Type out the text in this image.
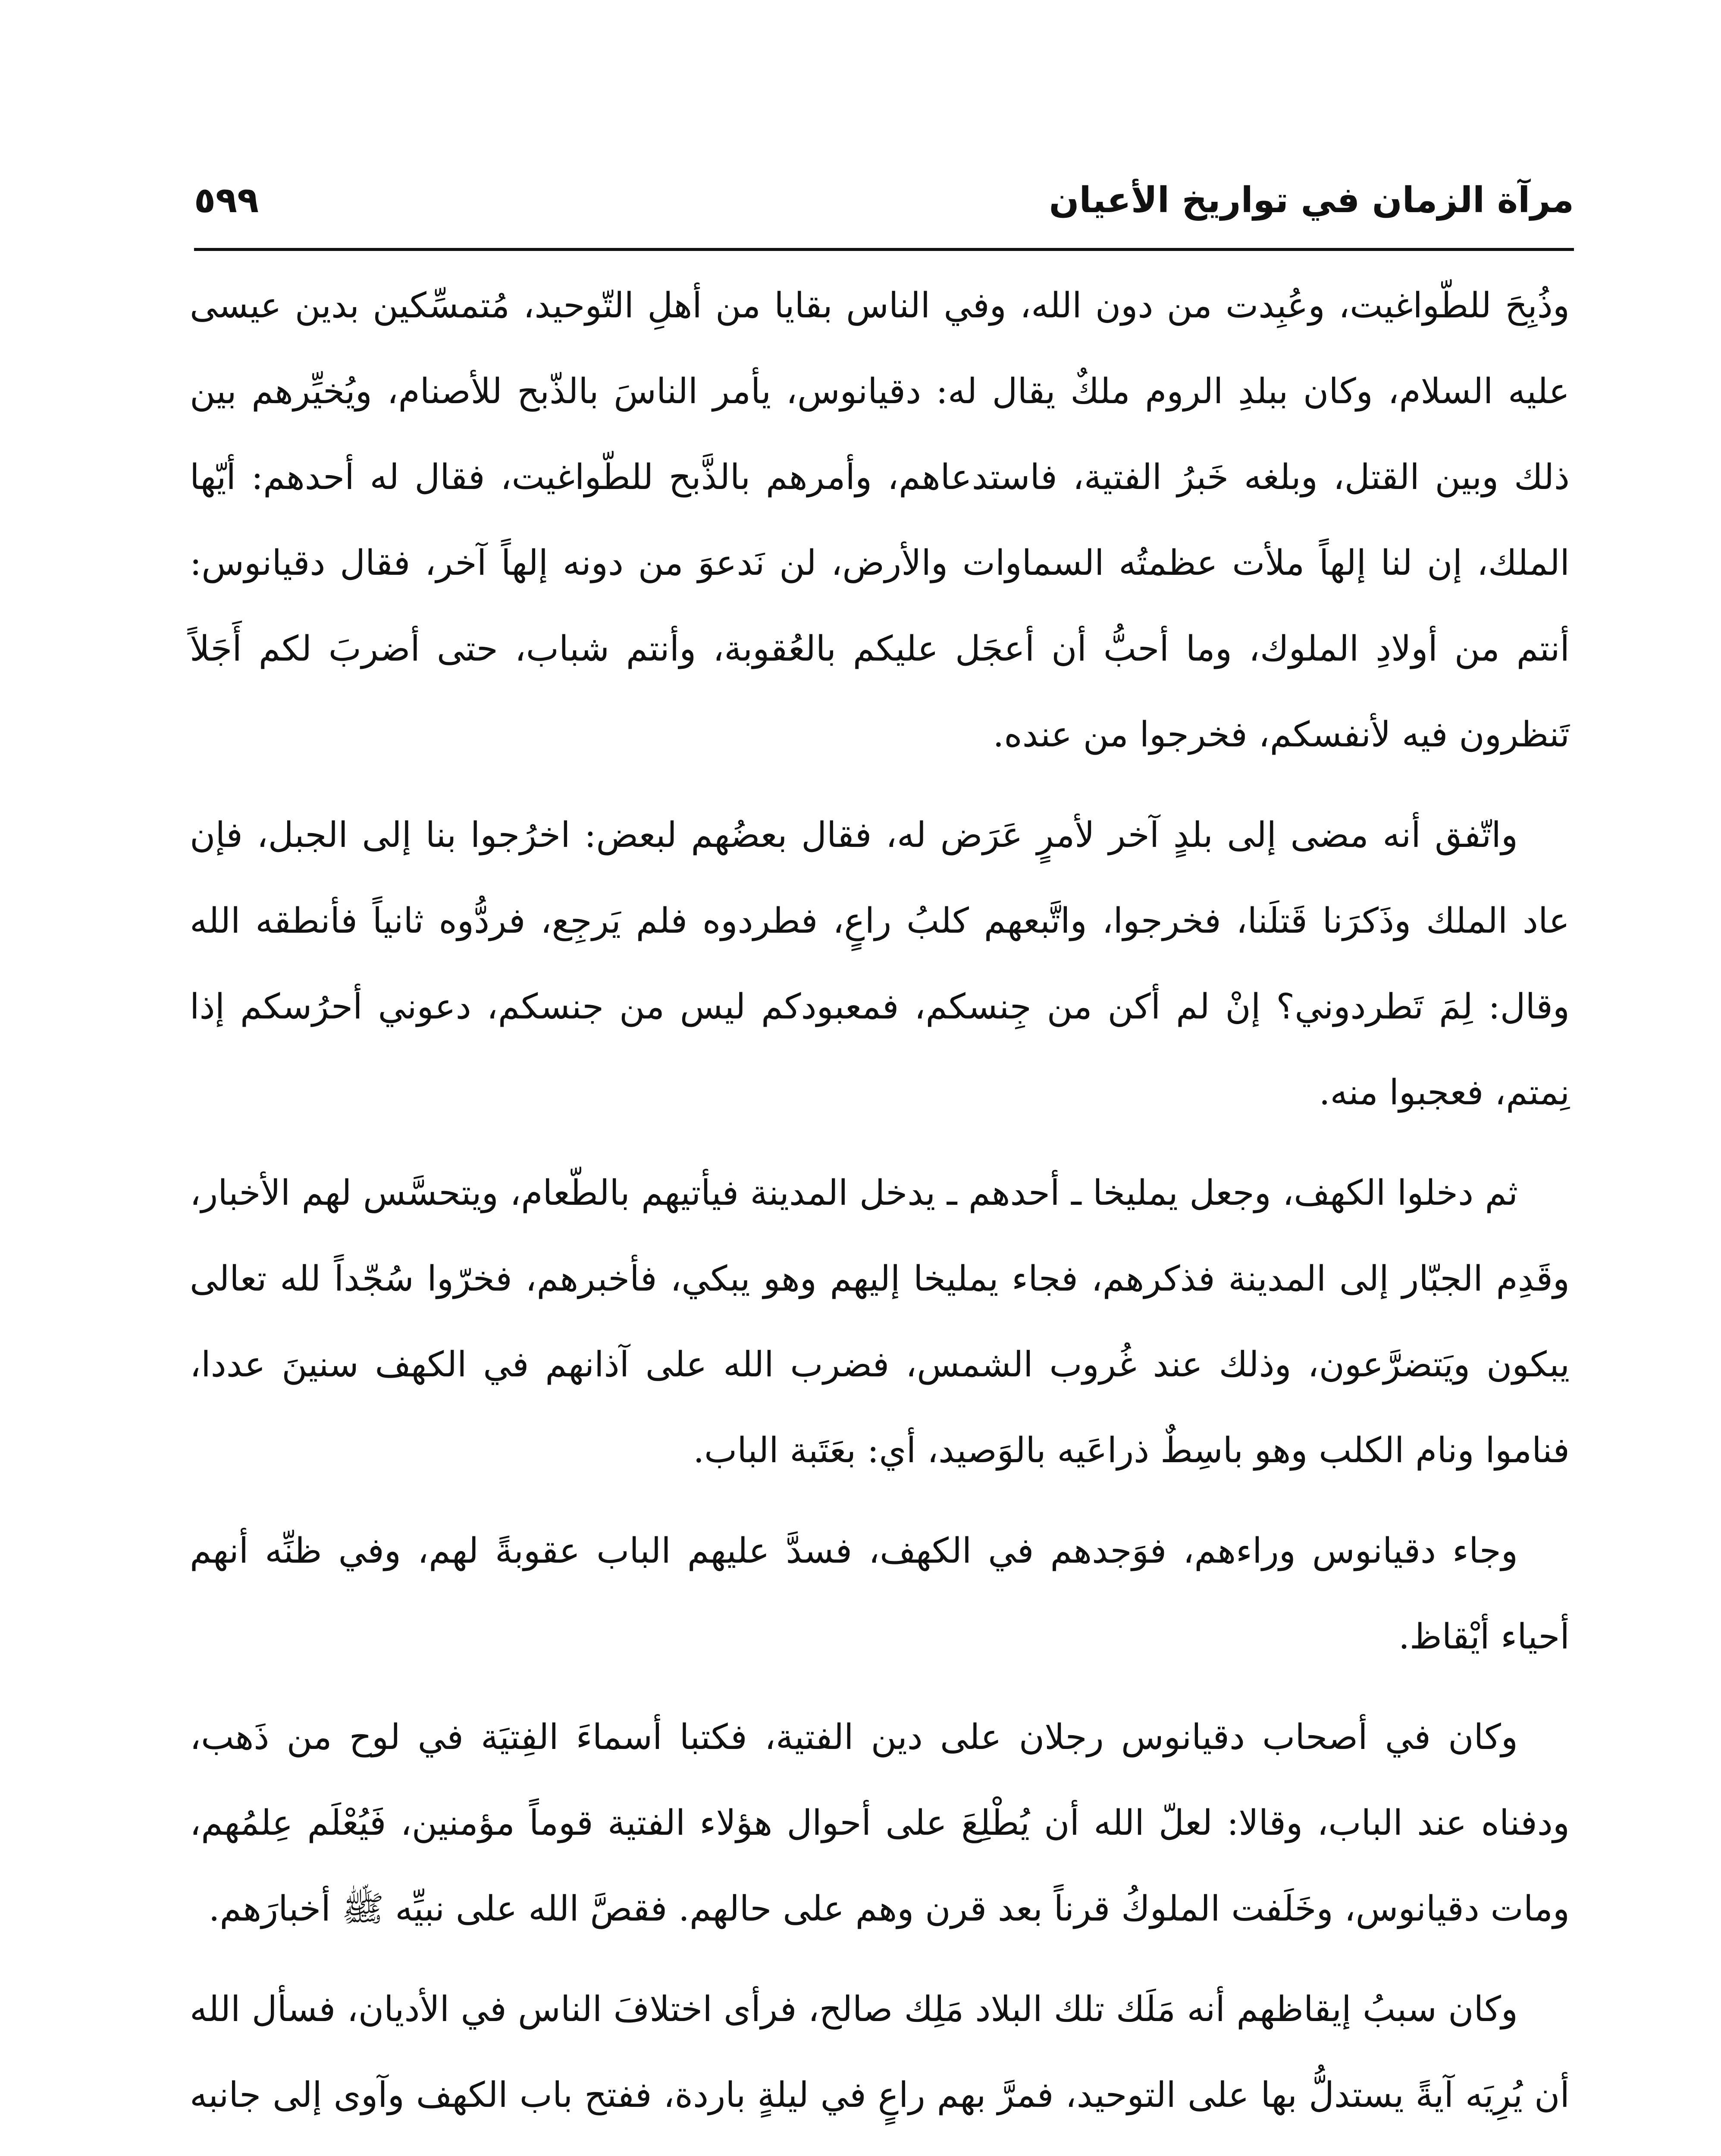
٥٩٩	مرآة الزمان في تواريخ الأعيان

وذُبِحَ للطّواغيت، وعُبِدت من دون الله، وفي الناس بقايا من أهلِ التّوحيد، مُتمسِّكين بدين عيسى عليه السلام، وكان ببلدِ الروم ملكٌ يقال له: دقيانوس، يأمر الناسَ بالذّبح للأصنام، ويُخيِّرهم بين ذلك وبين القتل، وبلغه خَبرُ الفتية، فاستدعاهم، وأمرهم بالذَّبح للطّواغيت، فقال له أحدهم: أيّها الملك، إن لنا إلهاً ملأت عظمتُه السماوات والأرض، لن نَدعوَ من دونه إلهاً آخر، فقال دقيانوس: أنتم من أولادِ الملوك، وما أحبُّ أن أعجَل عليكم بالعُقوبة، وأنتم شباب، حتى أضربَ لكم أَجَلاً تَنظرون فيه لأنفسكم، فخرجوا من عنده.

واتّفق أنه مضى إلى بلدٍ آخر لأمرٍ عَرَض له، فقال بعضُهم لبعض: اخرُجوا بنا إلى الجبل، فإن عاد الملك وذَكرَنا قَتلَنا، فخرجوا، واتَّبعهم كلبُ راعٍ، فطردوه فلم يَرجِع، فردُّوه ثانياً فأنطقه الله وقال: لِمَ تَطردوني؟ إنْ لم أكن من جِنسكم، فمعبودكم ليس من جنسكم، دعوني أحرُسكم إذا نِمتم، فعجبوا منه.

ثم دخلوا الكهف، وجعل يمليخا ـ أحدهم ـ يدخل المدينة فيأتيهم بالطّعام، ويتحسَّس لهم الأخبار، وقَدِم الجبّار إلى المدينة فذكرهم، فجاء يمليخا إليهم وهو يبكي، فأخبرهم، فخرّوا سُجّداً لله تعالى يبكون ويَتضرَّعون، وذلك عند غُروب الشمس، فضرب الله على آذانهم في الكهف سنينَ عددا، فناموا ونام الكلب وهو باسِطٌ ذراعَيه بالوَصيد، أي: بعَتَبة الباب.

وجاء دقيانوس وراءهم، فوَجدهم في الكهف، فسدَّ عليهم الباب عقوبةً لهم، وفي ظنِّه أنهم أحياء أيْقاظ.

وكان في أصحاب دقيانوس رجلان على دين الفتية، فكتبا أسماءَ الفِتيَة في لوح من ذَهب، ودفناه عند الباب، وقالا: لعلّ الله أن يُطْلِعَ على أحوال هؤلاء الفتية قوماً مؤمنين، فَيُعْلَم عِلمُهم، ومات دقيانوس، وخَلَفت الملوكُ قرناً بعد قرن وهم على حالهم. فقصَّ الله على نبيِّه ﷺ أخبارَهم.

وكان سببُ إيقاظهم أنه مَلَك تلك البلاد مَلِك صالح، فرأى اختلافَ الناس في الأديان، فسأل الله أن يُرِيَه آيةً يستدلُّ بها على التوحيد، فمرَّ بهم راعٍ في ليلةٍ باردة، ففتح باب الكهف وآوى إلى جانبه
